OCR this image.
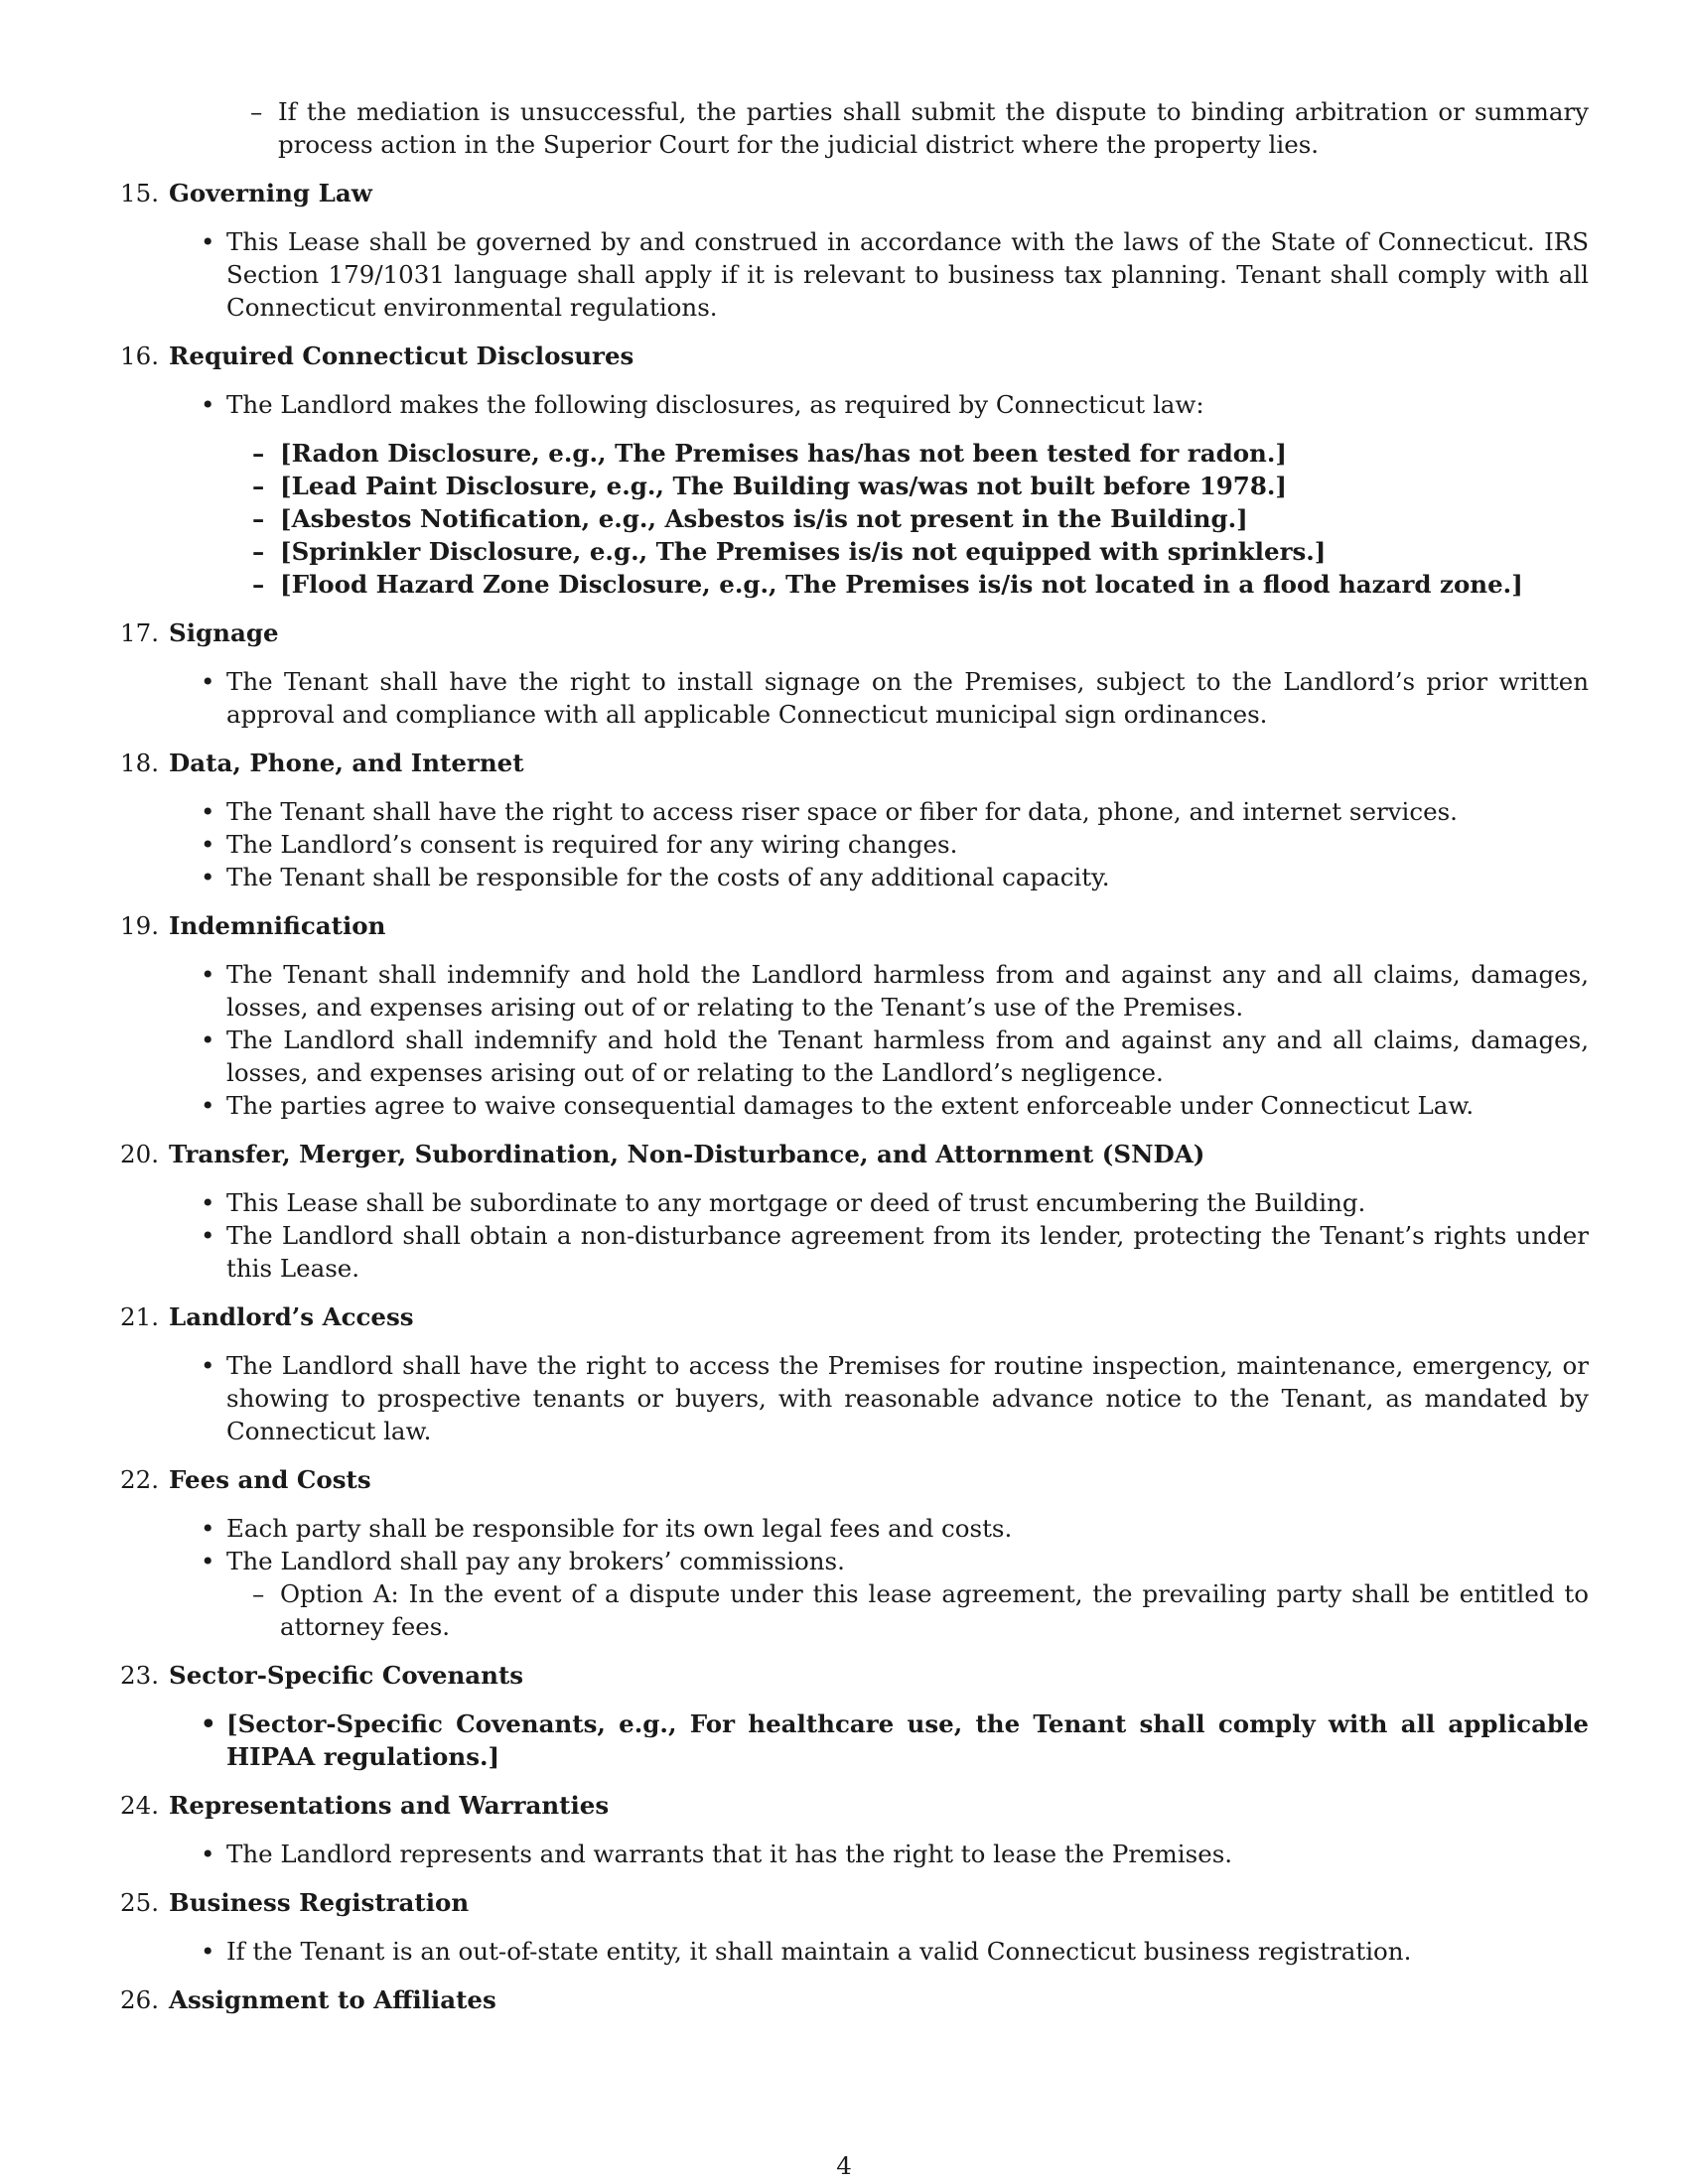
– If the mediation is unsuccessful, the parties shall submit the dispute to binding arbitration or summary process action in the Superior Court for the judicial district where the property lies.

15. Governing Law
• This Lease shall be governed by and construed in accordance with the laws of the State of Connecticut. IRS Section 179/1031 language shall apply if it is relevant to business tax planning. Tenant shall comply with all Connecticut environmental regulations.
16. Required Connecticut Disclosures
• The Landlord makes the following disclosures, as required by Connecticut law:
– [Radon Disclosure, e.g., The Premises has/has not been tested for radon.]
– [Lead Paint Disclosure, e.g., The Building was/was not built before 1978.]
– [Asbestos Notification, e.g., Asbestos is/is not present in the Building.]
– [Sprinkler Disclosure, e.g., The Premises is/is not equipped with sprinklers.]
– [Flood Hazard Zone Disclosure, e.g., The Premises is/is not located in a flood hazard zone.]
17. Signage
• The Tenant shall have the right to install signage on the Premises, subject to the Landlord’s prior written approval and compliance with all applicable Connecticut municipal sign ordinances.
18. Data, Phone, and Internet
• The Tenant shall have the right to access riser space or fiber for data, phone, and internet services.
• The Landlord’s consent is required for any wiring changes.
• The Tenant shall be responsible for the costs of any additional capacity.
19. Indemnification
• The Tenant shall indemnify and hold the Landlord harmless from and against any and all claims, damages, losses, and expenses arising out of or relating to the Tenant’s use of the Premises.
• The Landlord shall indemnify and hold the Tenant harmless from and against any and all claims, damages, losses, and expenses arising out of or relating to the Landlord’s negligence.
• The parties agree to waive consequential damages to the extent enforceable under Connecticut Law.
20. Transfer, Merger, Subordination, Non-Disturbance, and Attornment (SNDA)
• This Lease shall be subordinate to any mortgage or deed of trust encumbering the Building.
• The Landlord shall obtain a non-disturbance agreement from its lender, protecting the Tenant’s rights under this Lease.
21. Landlord’s Access
• The Landlord shall have the right to access the Premises for routine inspection, maintenance, emergency, or showing to prospective tenants or buyers, with reasonable advance notice to the Tenant, as mandated by Connecticut law.
22. Fees and Costs
• Each party shall be responsible for its own legal fees and costs.
• The Landlord shall pay any brokers’ commissions.
– Option A: In the event of a dispute under this lease agreement, the prevailing party shall be entitled to attorney fees.
23. Sector-Specific Covenants
• [Sector-Specific Covenants, e.g., For healthcare use, the Tenant shall comply with all applicable HIPAA regulations.]
24. Representations and Warranties
• The Landlord represents and warrants that it has the right to lease the Premises.
25. Business Registration
• If the Tenant is an out-of-state entity, it shall maintain a valid Connecticut business registration.
26. Assignment to Affiliates
4
